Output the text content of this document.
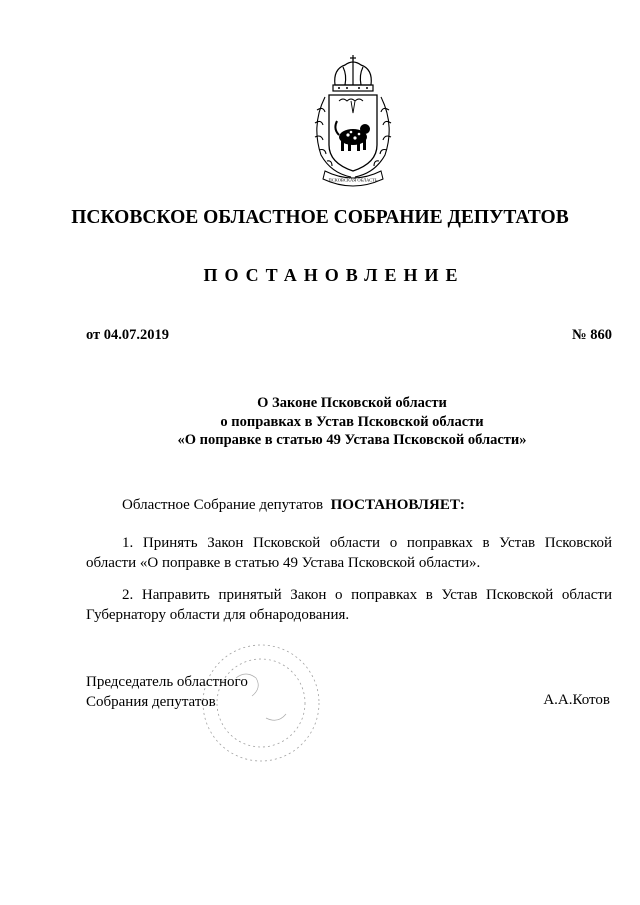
ПСКОВСКАЯ ОБЛАСТЬ
ПСКОВСКОЕ ОБЛАСТНОЕ СОБРАНИЕ ДЕПУТАТОВ
ПОСТАНОВЛЕНИЕ
от 04.07.2019	№ 860
О Законе Псковской области
о поправках в Устав Псковской области
«О поправке в статью 49 Устава Псковской области»
Областное Собрание депутатов ПОСТАНОВЛЯЕТ:
1. Принять Закон Псковской области о поправках в Устав Псковской области «О поправке в статью 49 Устава Псковской области».
2. Направить принятый Закон о поправках в Устав Псковской области Губернатору области для обнародования.
Председатель областного
Собрания депутатов	А.А.Котов
